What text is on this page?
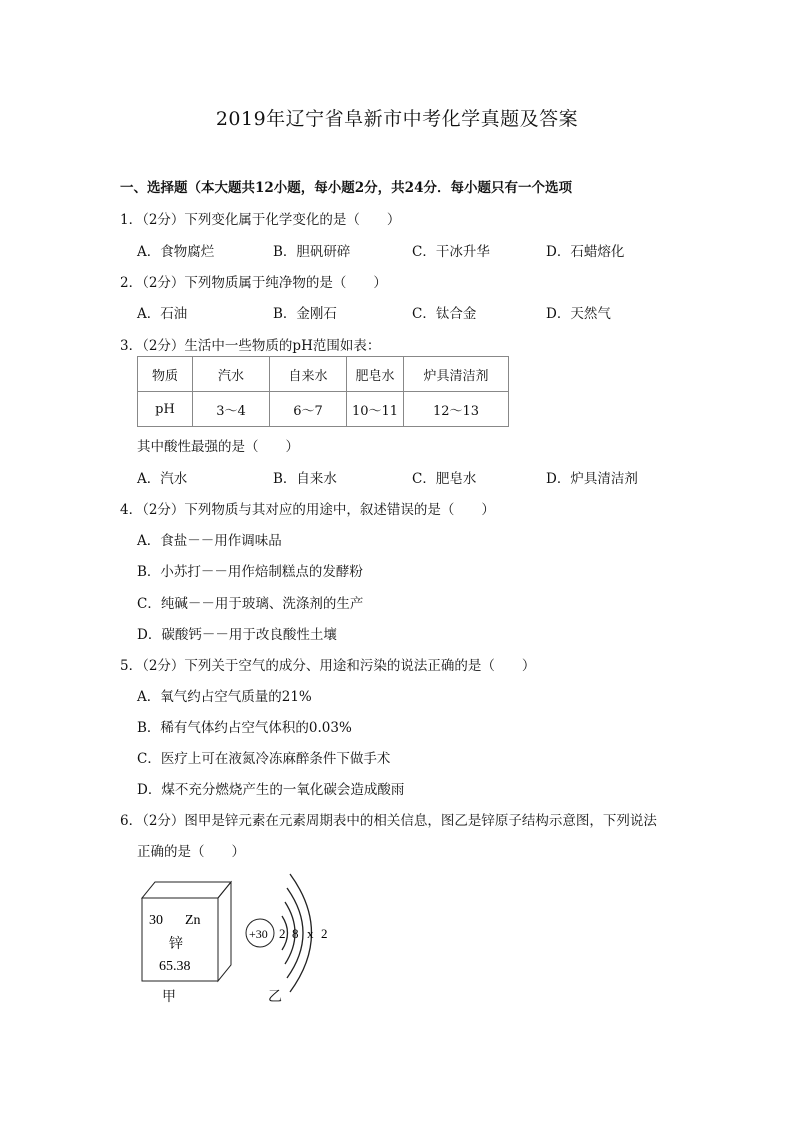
2019年辽宁省阜新市中考化学真题及答案
一、选择题（本大题共12小题，每小题2分，共24分．每小题只有一个选项
1．（2分）下列变化属于化学变化的是（　　）
A．食物腐烂	B．胆矾研碎	C．干冰升华	D．石蜡熔化
2．（2分）下列物质属于纯净物的是（　　）
A．石油	B．金刚石	C．钛合金	D．天然气
3．（2分）生活中一些物质的pH范围如表：
物质	汽水	自来水	肥皂水	炉具清洁剂
pH	3～4	6～7	10～11	12～13
其中酸性最强的是（　　）
A．汽水	B．自来水	C．肥皂水	D．炉具清洁剂
4．（2分）下列物质与其对应的用途中，叙述错误的是（　　）
A．食盐－－用作调味品
B．小苏打－－用作焙制糕点的发酵粉
C．纯碱－－用于玻璃、洗涤剂的生产
D．碳酸钙－－用于改良酸性土壤
5．（2分）下列关于空气的成分、用途和污染的说法正确的是（　　）
A．氧气约占空气质量的21%
B．稀有气体约占空气体积的0.03%
C．医疗上可在液氮冷冻麻醉条件下做手术
D．煤不充分燃烧产生的一氧化碳会造成酸雨
6．（2分）图甲是锌元素在元素周期表中的相关信息，图乙是锌原子结构示意图，下列说法
正确的是（　　）
30 Zn
锌
65.38
+30 2 8 x 2
甲	乙
